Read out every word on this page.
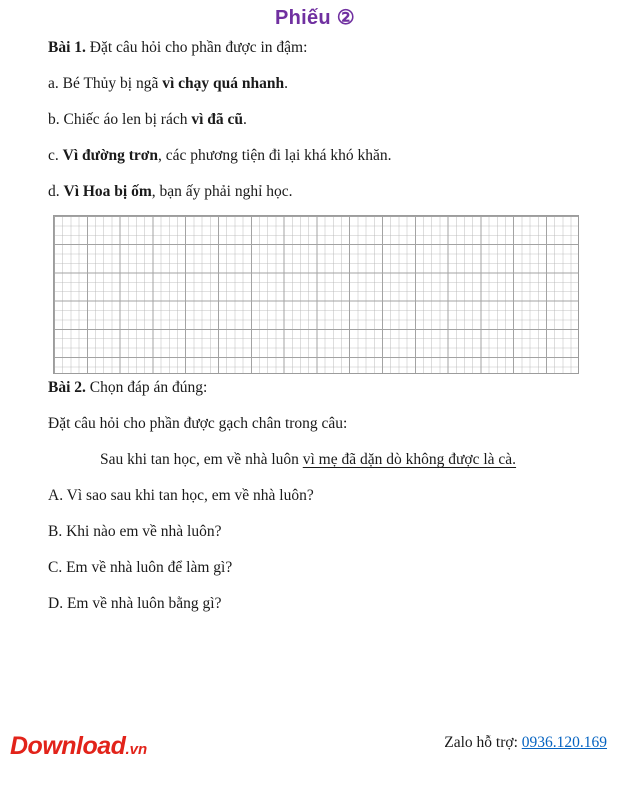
Phiếu ②

Bài 1. Đặt câu hỏi cho phần được in đậm:

a. Bé Thủy bị ngã vì chạy quá nhanh.

b. Chiếc áo len bị rách vì đã cũ.

c. Vì đường trơn, các phương tiện đi lại khá khó khăn.

d. Vì Hoa bị ốm, bạn ấy phải nghỉ học.

Bài 2. Chọn đáp án đúng:

Đặt câu hỏi cho phần được gạch chân trong câu:

Sau khi tan học, em về nhà luôn vì mẹ đã dặn dò không được là cà.

A. Vì sao sau khi tan học, em về nhà luôn?

B. Khi nào em về nhà luôn?

C. Em về nhà luôn để làm gì?

D. Em về nhà luôn bằng gì?

Download.vn	Zalo hỗ trợ: 0936.120.169
